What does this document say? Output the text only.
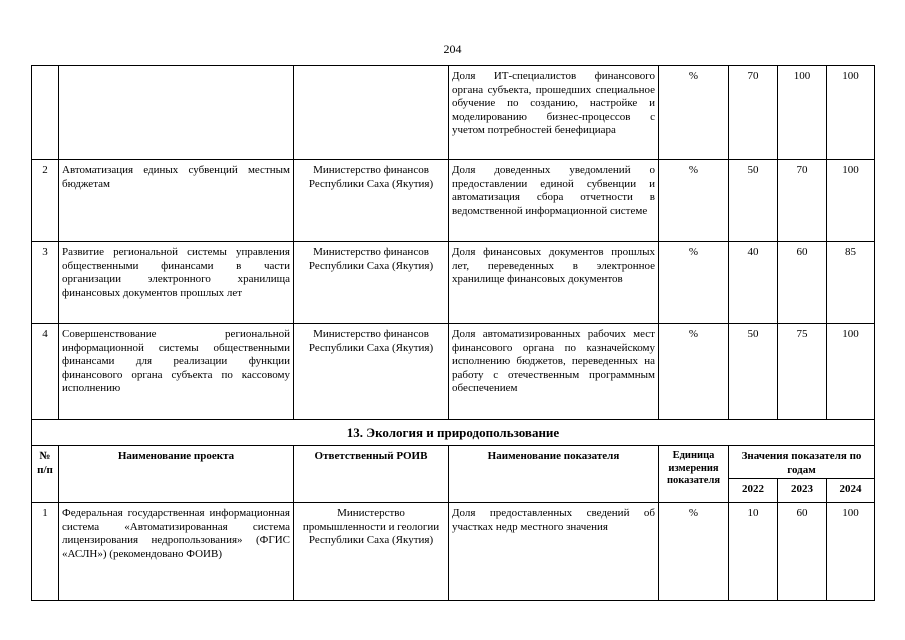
204
			Доля ИТ-специалистов финансового органа субъекта, прошедших специальное обучение по созданию, настройке и моделированию бизнес-процессов с учетом потребностей бенефициара	%	70	100	100
2	Автоматизация единых субвенций местным бюджетам	Министерство финансов Республики Саха (Якутия)	Доля доведенных уведомлений о предоставлении единой субвенции и автоматизация сбора отчетности в ведомственной информационной системе	%	50	70	100
3	Развитие региональной системы управления общественными финансами в части организации электронного хранилища финансовых документов прошлых лет	Министерство финансов Республики Саха (Якутия)	Доля финансовых документов прошлых лет, переведенных в электронное хранилище финансовых документов	%	40	60	85
4	Совершенствование региональной информационной системы общественными финансами для реализации функции финансового органа субъекта по кассовому исполнению	Министерство финансов Республики Саха (Якутия)	Доля автоматизированных рабочих мест финансового органа по казначейскому исполнению бюджетов, переведенных на работу с отечественным программным обеспечением	%	50	75	100
13. Экология и природопользование							
№ п/п	Наименование проекта	Ответственный РОИВ	Наименование показателя	Единица измерения показателя	Значения показателя по годам		
					2022	2023	2024
1	Федеральная государственная информационная система «Автоматизированная система лицензирования недропользования» (ФГИС «АСЛН») (рекомендовано ФОИВ)	Министерство промышленности и геологии Республики Саха (Якутия)	Доля предоставленных сведений об участках недр местного значения	%	10	60	100
